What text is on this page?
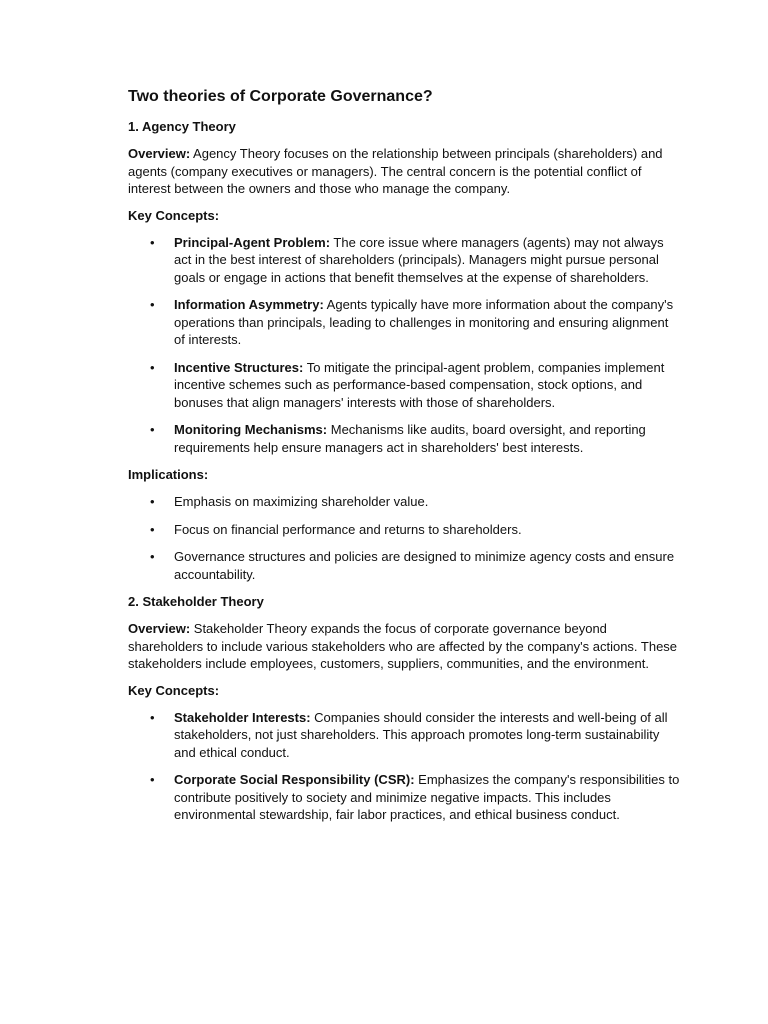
Two theories of Corporate Governance?
1. Agency Theory

Overview: Agency Theory focuses on the relationship between principals (shareholders) and agents (company executives or managers). The central concern is the potential conflict of interest between the owners and those who manage the company.

Key Concepts:
• Principal-Agent Problem: The core issue where managers (agents) may not always act in the best interest of shareholders (principals). Managers might pursue personal goals or engage in actions that benefit themselves at the expense of shareholders.
• Information Asymmetry: Agents typically have more information about the company's operations than principals, leading to challenges in monitoring and ensuring alignment of interests.
• Incentive Structures: To mitigate the principal-agent problem, companies implement incentive schemes such as performance-based compensation, stock options, and bonuses that align managers' interests with those of shareholders.
• Monitoring Mechanisms: Mechanisms like audits, board oversight, and reporting requirements help ensure managers act in shareholders' best interests.
Implications:
• Emphasis on maximizing shareholder value.
• Focus on financial performance and returns to shareholders.
• Governance structures and policies are designed to minimize agency costs and ensure accountability.
2. Stakeholder Theory

Overview: Stakeholder Theory expands the focus of corporate governance beyond shareholders to include various stakeholders who are affected by the company's actions. These stakeholders include employees, customers, suppliers, communities, and the environment.

Key Concepts:
• Stakeholder Interests: Companies should consider the interests and well-being of all stakeholders, not just shareholders. This approach promotes long-term sustainability and ethical conduct.
• Corporate Social Responsibility (CSR): Emphasizes the company's responsibilities to contribute positively to society and minimize negative impacts. This includes environmental stewardship, fair labor practices, and ethical business conduct.
